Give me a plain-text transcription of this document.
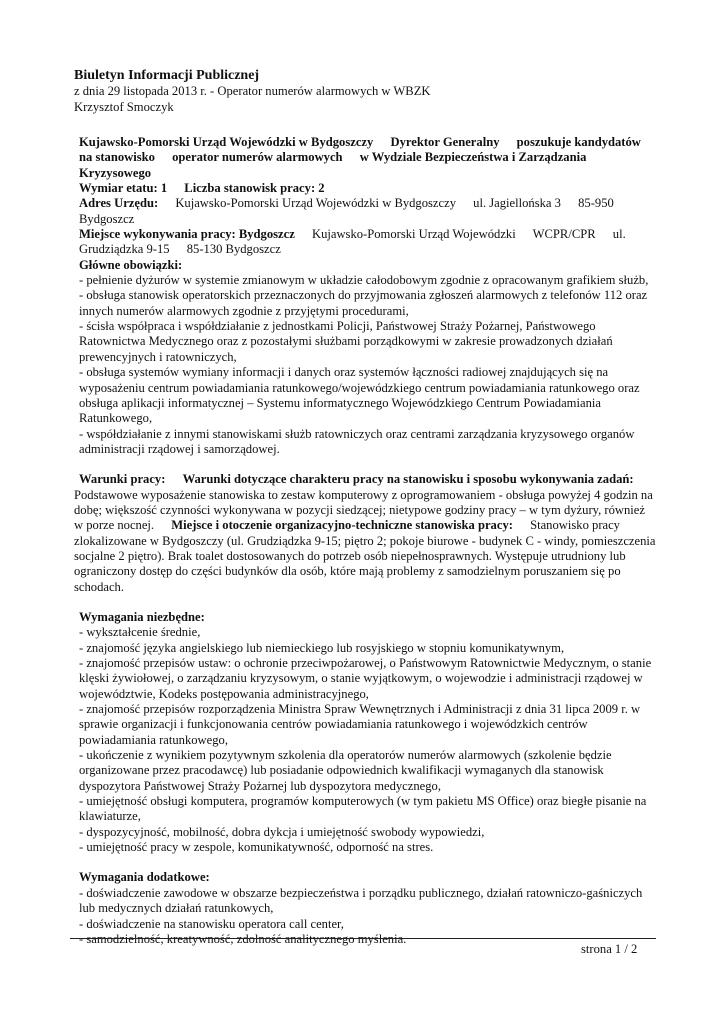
Biuletyn Informacji Publicznej
z dnia 29 listopada 2013 r. - Operator numerów alarmowych w WBZK
Krzysztof Smoczyk

Kujawsko-Pomorski Urząd Wojewódzki w Bydgoszczy Dyrektor Generalny poszukuje kandydatów na stanowisko operator numerów alarmowych w Wydziale Bezpieczeństwa i Zarządzania Kryzysowego

Wymiar etatu: 1 Liczba stanowisk pracy: 2

Adres Urzędu: Kujawsko-Pomorski Urząd Wojewódzki w Bydgoszczy ul. Jagiellońska 3 85-950 Bydgoszcz

Miejsce wykonywania pracy: Bydgoszcz Kujawsko-Pomorski Urząd Wojewódzki WCPR/CPR ul. Grudziądzka 9-15 85-130 Bydgoszcz

Główne obowiązki:

- pełnienie dyżurów w systemie zmianowym w układzie całodobowym zgodnie z opracowanym grafikiem służb,

- obsługa stanowisk operatorskich przeznaczonych do przyjmowania zgłoszeń alarmowych z telefonów 112 oraz innych numerów alarmowych zgodnie z przyjętymi procedurami,

- ścisła współpraca i współdziałanie z jednostkami Policji, Państwowej Straży Pożarnej, Państwowego Ratownictwa Medycznego oraz z pozostałymi służbami porządkowymi w zakresie prowadzonych działań prewencyjnych i ratowniczych,

- obsługa systemów wymiany informacji i danych oraz systemów łączności radiowej znajdujących się na wyposażeniu centrum powiadamiania ratunkowego/wojewódzkiego centrum powiadamiania ratunkowego oraz obsługa aplikacji informatycznej – Systemu informatycznego Wojewódzkiego Centrum Powiadamiania Ratunkowego,

- współdziałanie z innymi stanowiskami służb ratowniczych oraz centrami zarządzania kryzysowego organów administracji rządowej i samorządowej.

Warunki pracy: Warunki dotyczące charakteru pracy na stanowisku i sposobu wykonywania zadań: Podstawowe wyposażenie stanowiska to zestaw komputerowy z oprogramowaniem - obsługa powyżej 4 godzin na dobę; większość czynności wykonywana w pozycji siedzącej; nietypowe godziny pracy – w tym dyżury, również w porze nocnej. Miejsce i otoczenie organizacyjno-techniczne stanowiska pracy: Stanowisko pracy zlokalizowane w Bydgoszczy (ul. Grudziądzka 9-15; piętro 2; pokoje biurowe - budynek C - windy, pomieszczenia socjalne 2 piętro). Brak toalet dostosowanych do potrzeb osób niepełnosprawnych. Występuje utrudniony lub ograniczony dostęp do części budynków dla osób, które mają problemy z samodzielnym poruszaniem się po schodach.

Wymagania niezbędne:

- wykształcenie średnie,

- znajomość języka angielskiego lub niemieckiego lub rosyjskiego w stopniu komunikatywnym,

- znajomość przepisów ustaw: o ochronie przeciwpożarowej, o Państwowym Ratownictwie Medycznym, o stanie klęski żywiołowej, o zarządzaniu kryzysowym, o stanie wyjątkowym, o wojewodzie i administracji rządowej w województwie, Kodeks postępowania administracyjnego,

- znajomość przepisów rozporządzenia Ministra Spraw Wewnętrznych i Administracji z dnia 31 lipca 2009 r. w sprawie organizacji i funkcjonowania centrów powiadamiania ratunkowego i wojewódzkich centrów powiadamiania ratunkowego,

- ukończenie z wynikiem pozytywnym szkolenia dla operatorów numerów alarmowych (szkolenie będzie organizowane przez pracodawcę) lub posiadanie odpowiednich kwalifikacji wymaganych dla stanowisk dyspozytora Państwowej Straży Pożarnej lub dyspozytora medycznego,

- umiejętność obsługi komputera, programów komputerowych (w tym pakietu MS Office) oraz biegłe pisanie na klawiaturze,

- dyspozycyjność, mobilność, dobra dykcja i umiejętność swobody wypowiedzi,

- umiejętność pracy w zespole, komunikatywność, odporność na stres.

Wymagania dodatkowe:

- doświadczenie zawodowe w obszarze bezpieczeństwa i porządku publicznego, działań ratowniczo-gaśniczych lub medycznych działań ratunkowych,

- doświadczenie na stanowisku operatora call center,

- samodzielność, kreatywność, zdolność analitycznego myślenia.

strona 1 / 2
